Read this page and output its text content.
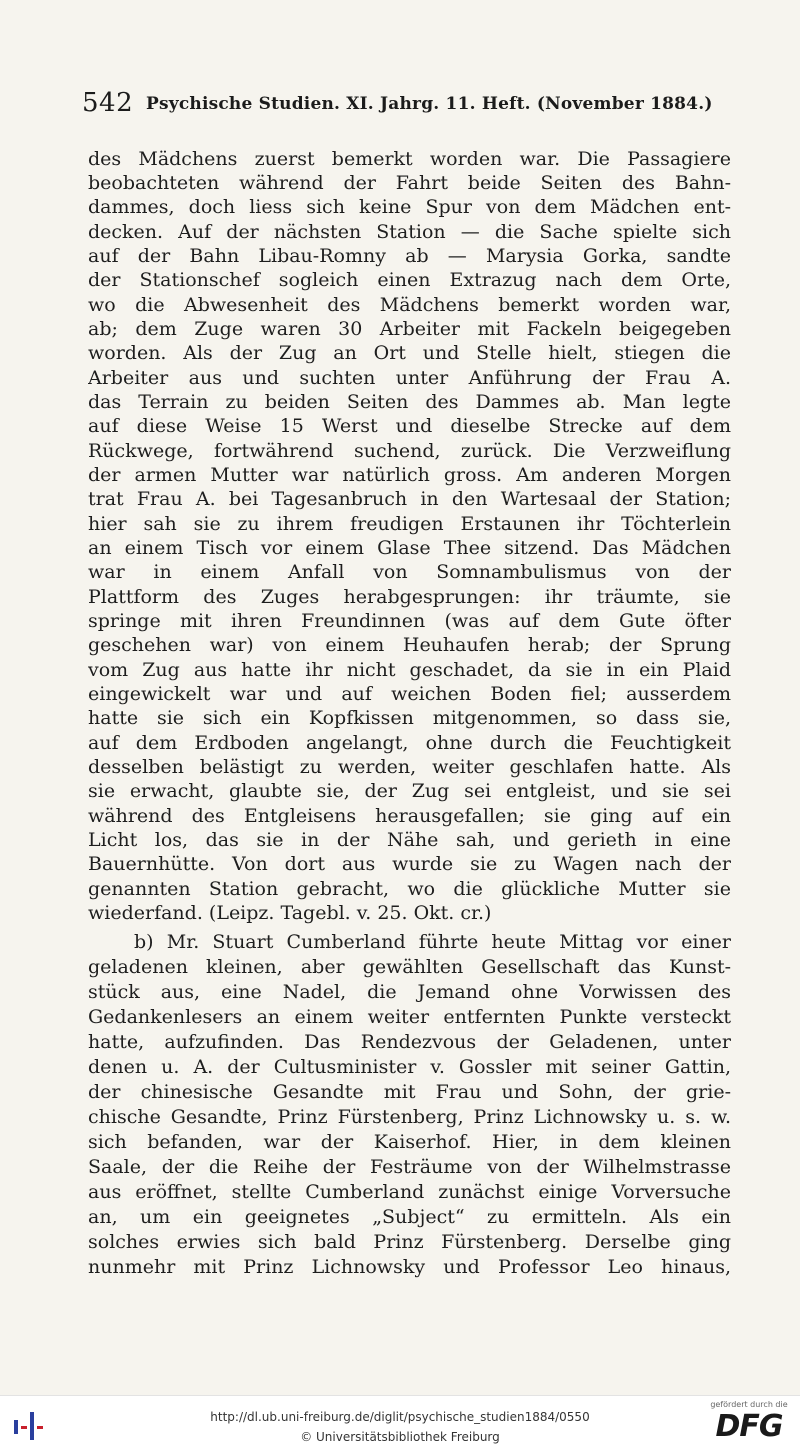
542 Psychische Studien. XI. Jahrg. 11. Heft. (November 1884.)
des Mädchens zuerst bemerkt worden war. Die Passagiere
beobachteten während der Fahrt beide Seiten des Bahn-
dammes, doch liess sich keine Spur von dem Mädchen ent-
decken. Auf der nächsten Station — die Sache spielte sich
auf der Bahn Libau-Romny ab — Marysia Gorka, sandte
der Stationschef sogleich einen Extrazug nach dem Orte,
wo die Abwesenheit des Mädchens bemerkt worden war,
ab; dem Zuge waren 30 Arbeiter mit Fackeln beigegeben
worden. Als der Zug an Ort und Stelle hielt, stiegen die
Arbeiter aus und suchten unter Anführung der Frau A.
das Terrain zu beiden Seiten des Dammes ab. Man legte
auf diese Weise 15 Werst und dieselbe Strecke auf dem
Rückwege, fortwährend suchend, zurück. Die Verzweiflung
der armen Mutter war natürlich gross. Am anderen Morgen
trat Frau A. bei Tagesanbruch in den Wartesaal der Station;
hier sah sie zu ihrem freudigen Erstaunen ihr Töchterlein
an einem Tisch vor einem Glase Thee sitzend. Das Mädchen
war in einem Anfall von Somnambulismus von der
Plattform des Zuges herabgesprungen: ihr träumte, sie
springe mit ihren Freundinnen (was auf dem Gute öfter
geschehen war) von einem Heuhaufen herab; der Sprung
vom Zug aus hatte ihr nicht geschadet, da sie in ein Plaid
eingewickelt war und auf weichen Boden fiel; ausserdem
hatte sie sich ein Kopfkissen mitgenommen, so dass sie,
auf dem Erdboden angelangt, ohne durch die Feuchtigkeit
desselben belästigt zu werden, weiter geschlafen hatte. Als
sie erwacht, glaubte sie, der Zug sei entgleist, und sie sei
während des Entgleisens herausgefallen; sie ging auf ein
Licht los, das sie in der Nähe sah, und gerieth in eine
Bauernhütte. Von dort aus wurde sie zu Wagen nach der
genannten Station gebracht, wo die glückliche Mutter sie
wiederfand. (Leipz. Tagebl. v. 25. Okt. cr.)
b) Mr. Stuart Cumberland führte heute Mittag vor einer
geladenen kleinen, aber gewählten Gesellschaft das Kunst-
stück aus, eine Nadel, die Jemand ohne Vorwissen des
Gedankenlesers an einem weiter entfernten Punkte versteckt
hatte, aufzufinden. Das Rendezvous der Geladenen, unter
denen u. A. der Cultusminister v. Gossler mit seiner Gattin,
der chinesische Gesandte mit Frau und Sohn, der grie-
chische Gesandte, Prinz Fürstenberg, Prinz Lichnowsky u. s. w.
sich befanden, war der Kaiserhof. Hier, in dem kleinen
Saale, der die Reihe der Festräume von der Wilhelmstrasse
aus eröffnet, stellte Cumberland zunächst einige Vorversuche
an, um ein geeignetes „Subject“ zu ermitteln. Als ein
solches erwies sich bald Prinz Fürstenberg. Derselbe ging
nunmehr mit Prinz Lichnowsky und Professor Leo hinaus,
http://dl.ub.uni-freiburg.de/diglit/psychische_studien1884/0550
© Universitätsbibliothek Freiburg
gefördert durch die
DFG
